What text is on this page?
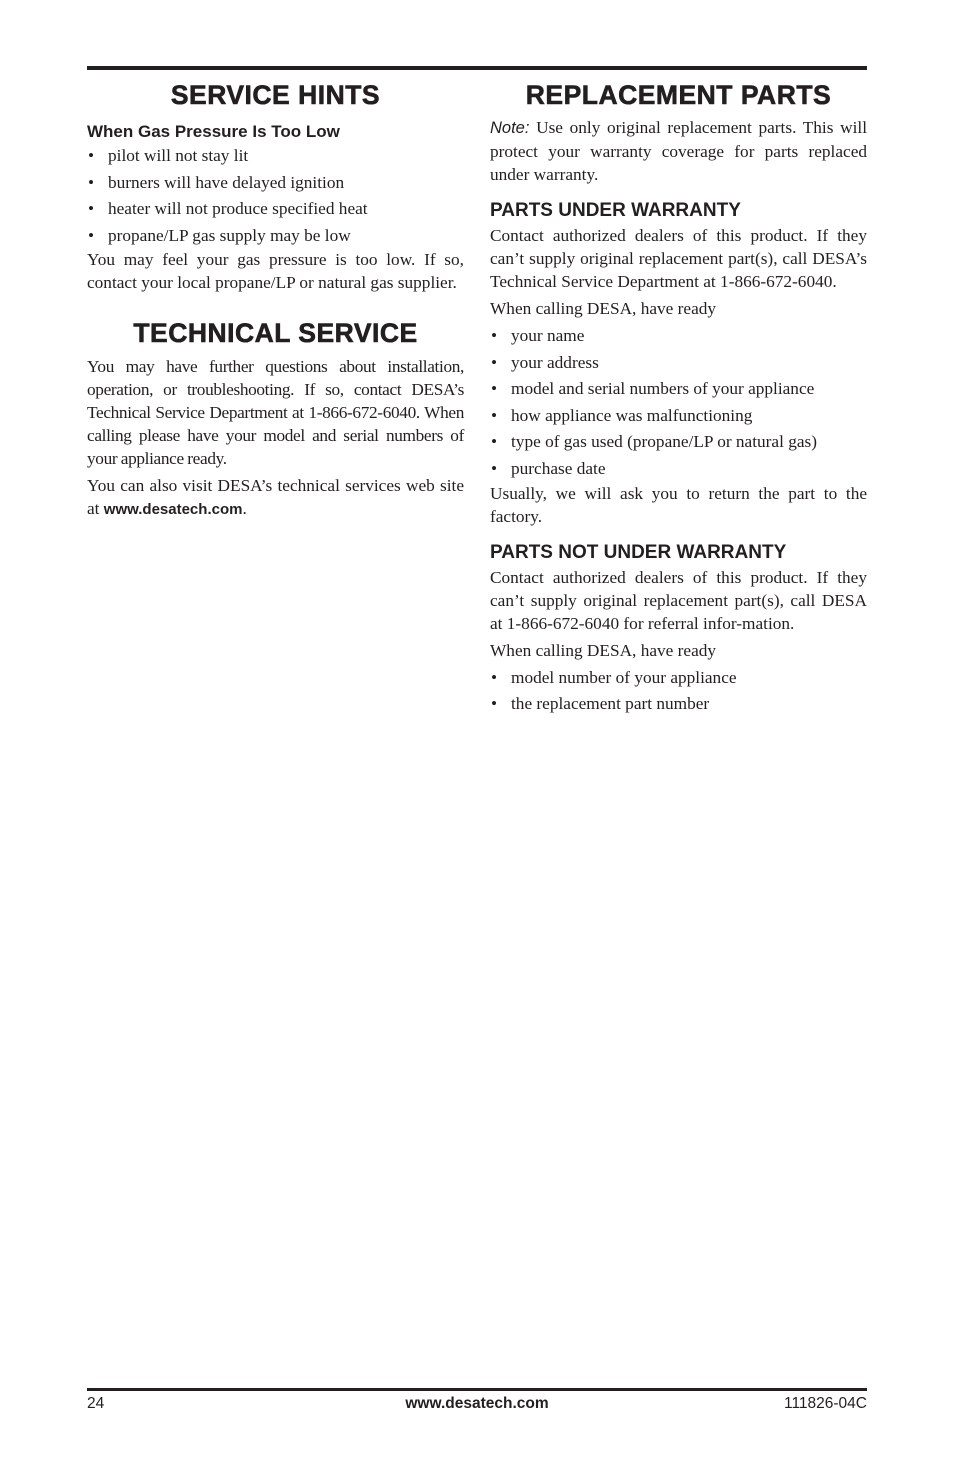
SERVICE HINTS
When Gas Pressure Is Too Low
• pilot will not stay lit
• burners will have delayed ignition
• heater will not produce specified heat
• propane/LP gas supply may be low

You may feel your gas pressure is too low. If so, contact your local propane/LP or natural gas supplier.

TECHNICAL SERVICE

You may have further questions about installation, operation, or troubleshooting. If so, contact DESA’s Technical Service Department at 1-866-672-6040. When calling please have your model and serial numbers of your appliance ready.

You can also visit DESA’s technical services web site at www.desatech.com.

REPLACEMENT PARTS

Note: Use only original replacement parts. This will protect your warranty coverage for parts replaced under warranty.

PARTS UNDER WARRANTY

Contact authorized dealers of this product. If they can’t supply original replacement part(s), call DESA’s Technical Service Department at 1-866-672-6040.

When calling DESA, have ready

• your name
• your address
• model and serial numbers of your appliance
• how appliance was malfunctioning
• type of gas used (propane/LP or natural gas)
• purchase date

Usually, we will ask you to return the part to the factory.

PARTS NOT UNDER WARRANTY

Contact authorized dealers of this product. If they can’t supply original replacement part(s), call DESA at 1-866-672-6040 for referral infor-mation.

When calling DESA, have ready

• model number of your appliance
• the replacement part number
24	www.desatech.com	111826-04C
